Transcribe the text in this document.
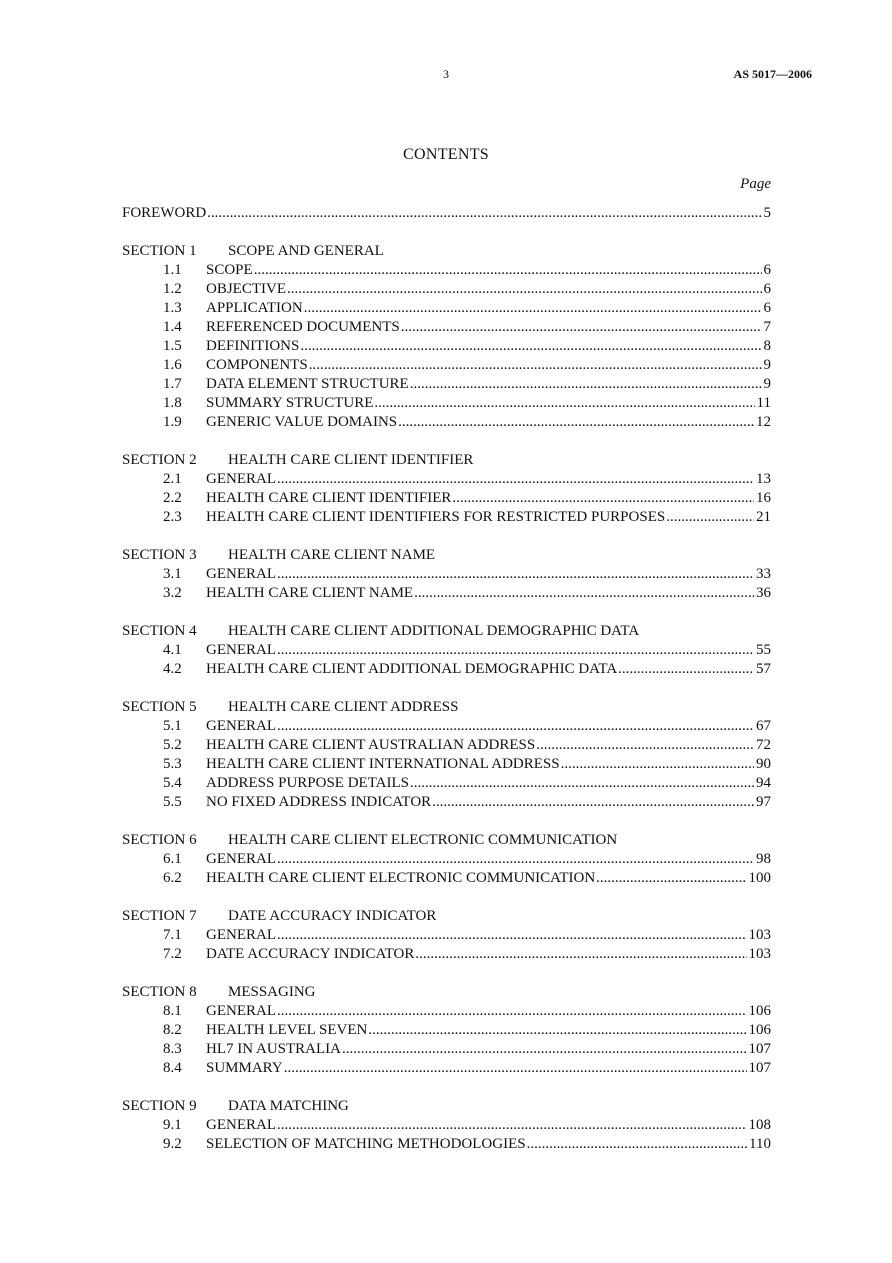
3	AS 5017—2006
CONTENTS
Page
FOREWORD .....	5
SECTION 1	SCOPE AND GENERAL
1.1	SCOPE .....	6
1.2	OBJECTIVE .....	6
1.3	APPLICATION .....	6
1.4	REFERENCED DOCUMENTS .....	7
1.5	DEFINITIONS .....	8
1.6	COMPONENTS .....	9
1.7	DATA ELEMENT STRUCTURE .....	9
1.8	SUMMARY STRUCTURE .....	11
1.9	GENERIC VALUE DOMAINS .....	12
SECTION 2	HEALTH CARE CLIENT IDENTIFIER
2.1	GENERAL .....	13
2.2	HEALTH CARE CLIENT IDENTIFIER .....	16
2.3	HEALTH CARE CLIENT IDENTIFIERS FOR RESTRICTED PURPOSES .....	21
SECTION 3	HEALTH CARE CLIENT NAME
3.1	GENERAL .....	33
3.2	HEALTH CARE CLIENT NAME .....	36
SECTION 4	HEALTH CARE CLIENT ADDITIONAL DEMOGRAPHIC DATA
4.1	GENERAL .....	55
4.2	HEALTH CARE CLIENT ADDITIONAL DEMOGRAPHIC DATA .....	57
SECTION 5	HEALTH CARE CLIENT ADDRESS
5.1	GENERAL .....	67
5.2	HEALTH CARE CLIENT AUSTRALIAN ADDRESS .....	72
5.3	HEALTH CARE CLIENT INTERNATIONAL ADDRESS .....	90
5.4	ADDRESS PURPOSE DETAILS .....	94
5.5	NO FIXED ADDRESS INDICATOR .....	97
SECTION 6	HEALTH CARE CLIENT ELECTRONIC COMMUNICATION
6.1	GENERAL .....	98
6.2	HEALTH CARE CLIENT ELECTRONIC COMMUNICATION .....	100
SECTION 7	DATE ACCURACY INDICATOR
7.1	GENERAL .....	103
7.2	DATE ACCURACY INDICATOR .....	103
SECTION 8	MESSAGING
8.1	GENERAL .....	106
8.2	HEALTH LEVEL SEVEN .....	106
8.3	HL7 IN AUSTRALIA .....	107
8.4	SUMMARY .....	107
SECTION 9	DATA MATCHING
9.1	GENERAL .....	108
9.2	SELECTION OF MATCHING METHODOLOGIES .....	110
